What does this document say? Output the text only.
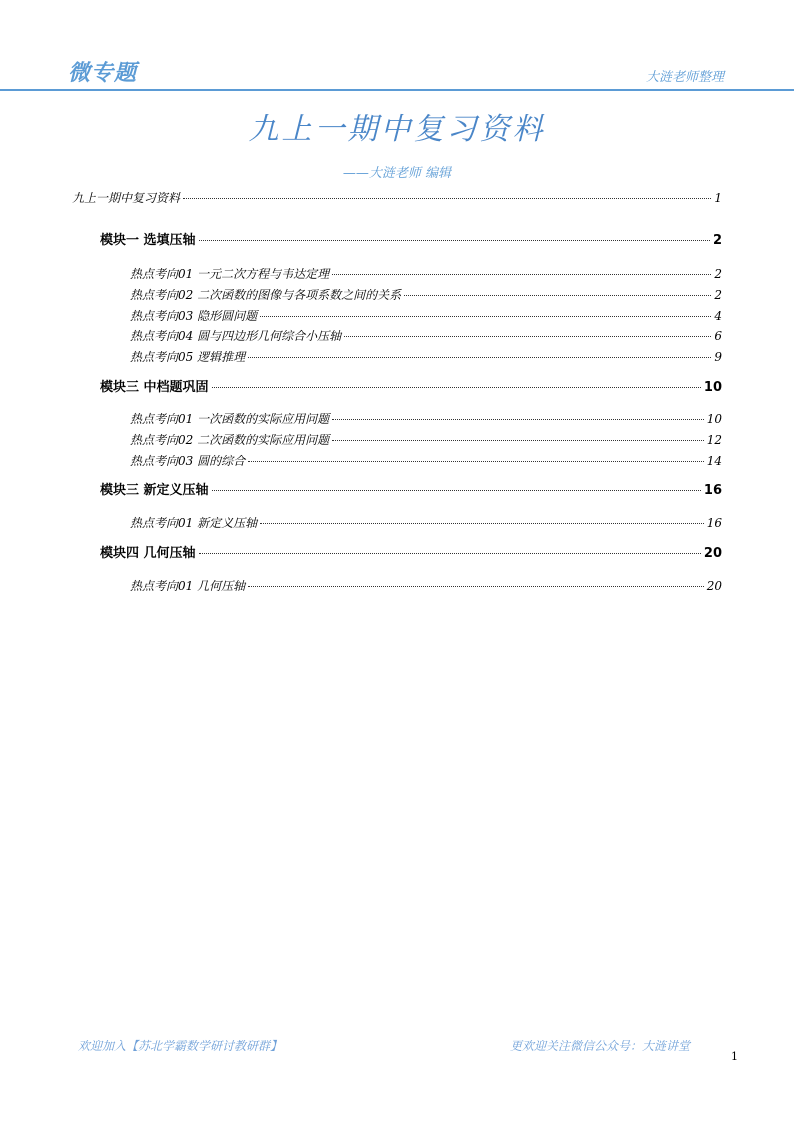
微专题	大涟老师整理
九上一期中复习资料
——大涟老师 编辑
九上一期中复习资料	1
模块一 选填压轴	2
热点考向01 一元二次方程与韦达定理	2
热点考向02 二次函数的图像与各项系数之间的关系	2
热点考向03 隐形圆问题	4
热点考向04 圆与四边形几何综合小压轴	6
热点考向05 逻辑推理	9
模块三 中档题巩固	10
热点考向01 一次函数的实际应用问题	10
热点考向02 二次函数的实际应用问题	12
热点考向03 圆的综合	14
模块三 新定义压轴	16
热点考向01 新定义压轴	16
模块四 几何压轴	20
热点考向01 几何压轴	20
欢迎加入【苏北学霸数学研讨教研群】	更欢迎关注微信公众号：大涟讲堂
1
